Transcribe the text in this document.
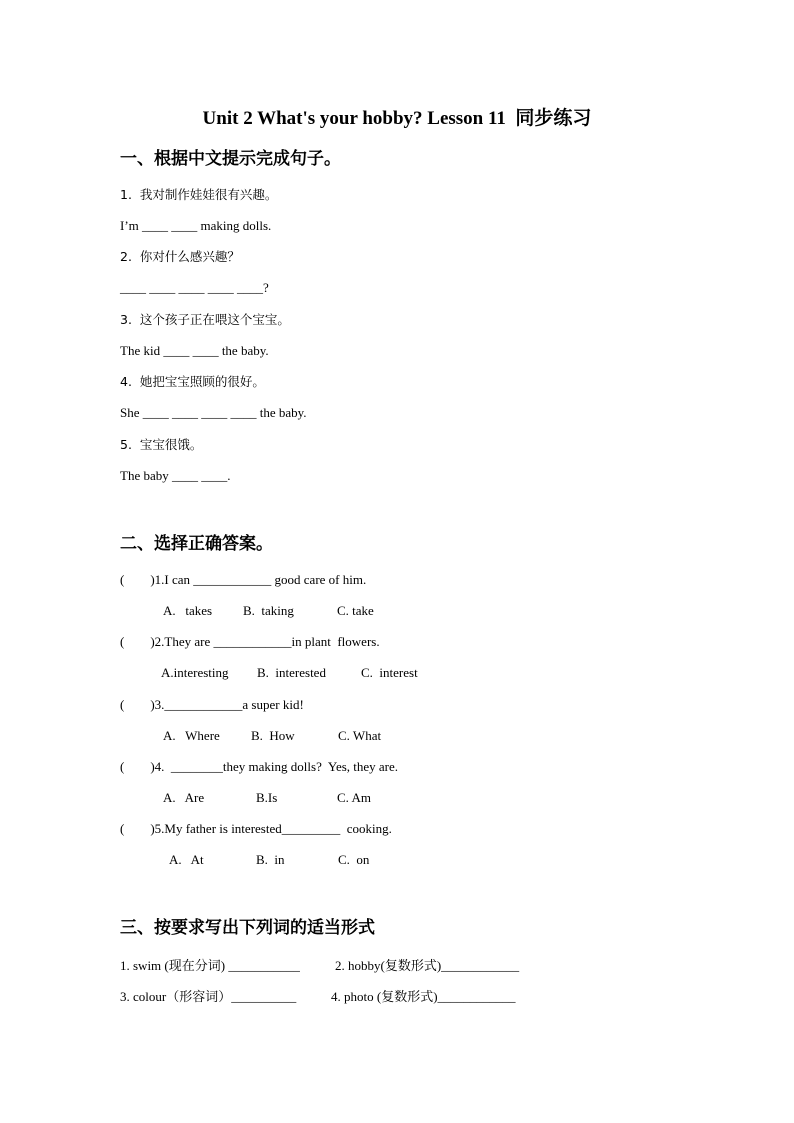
Unit 2 What's your hobby? Lesson 11  同步练习
一、根据中文提示完成句子。
1.  我对制作娃娃很有兴趣。
I’m ____ ____ making dolls.
2.  你对什么感兴趣？
____ ____ ____ ____ ____?
3.  这个孩子正在喂这个宝宝。
The kid ____ ____ the baby.
4.  她把宝宝照顾的很好。
She ____ ____ ____ ____ the baby.
5.  宝宝很饿。
The baby ____ ____.
二、选择正确答案。
(        )1.I can ____________ good care of him.
A.   takes B.  taking	C. take
(        )2.They are ____________in plant  flowers.
A.interesting B.  interested	C.  interest
(        )3.____________a super kid!
A.   Where B.  How	C. What
(        )4.  ________they making dolls?  Yes, they are.
A.   Are	B.Is	C. Am
(        )5.My father is interested_________  cooking.
A.   At	B.  in	C.  on
三、按要求写出下列词的适当形式
1. swim (现在分词) ___________	2. hobby(复数形式)____________
3. colour（形容词）__________	4. photo (复数形式)____________
